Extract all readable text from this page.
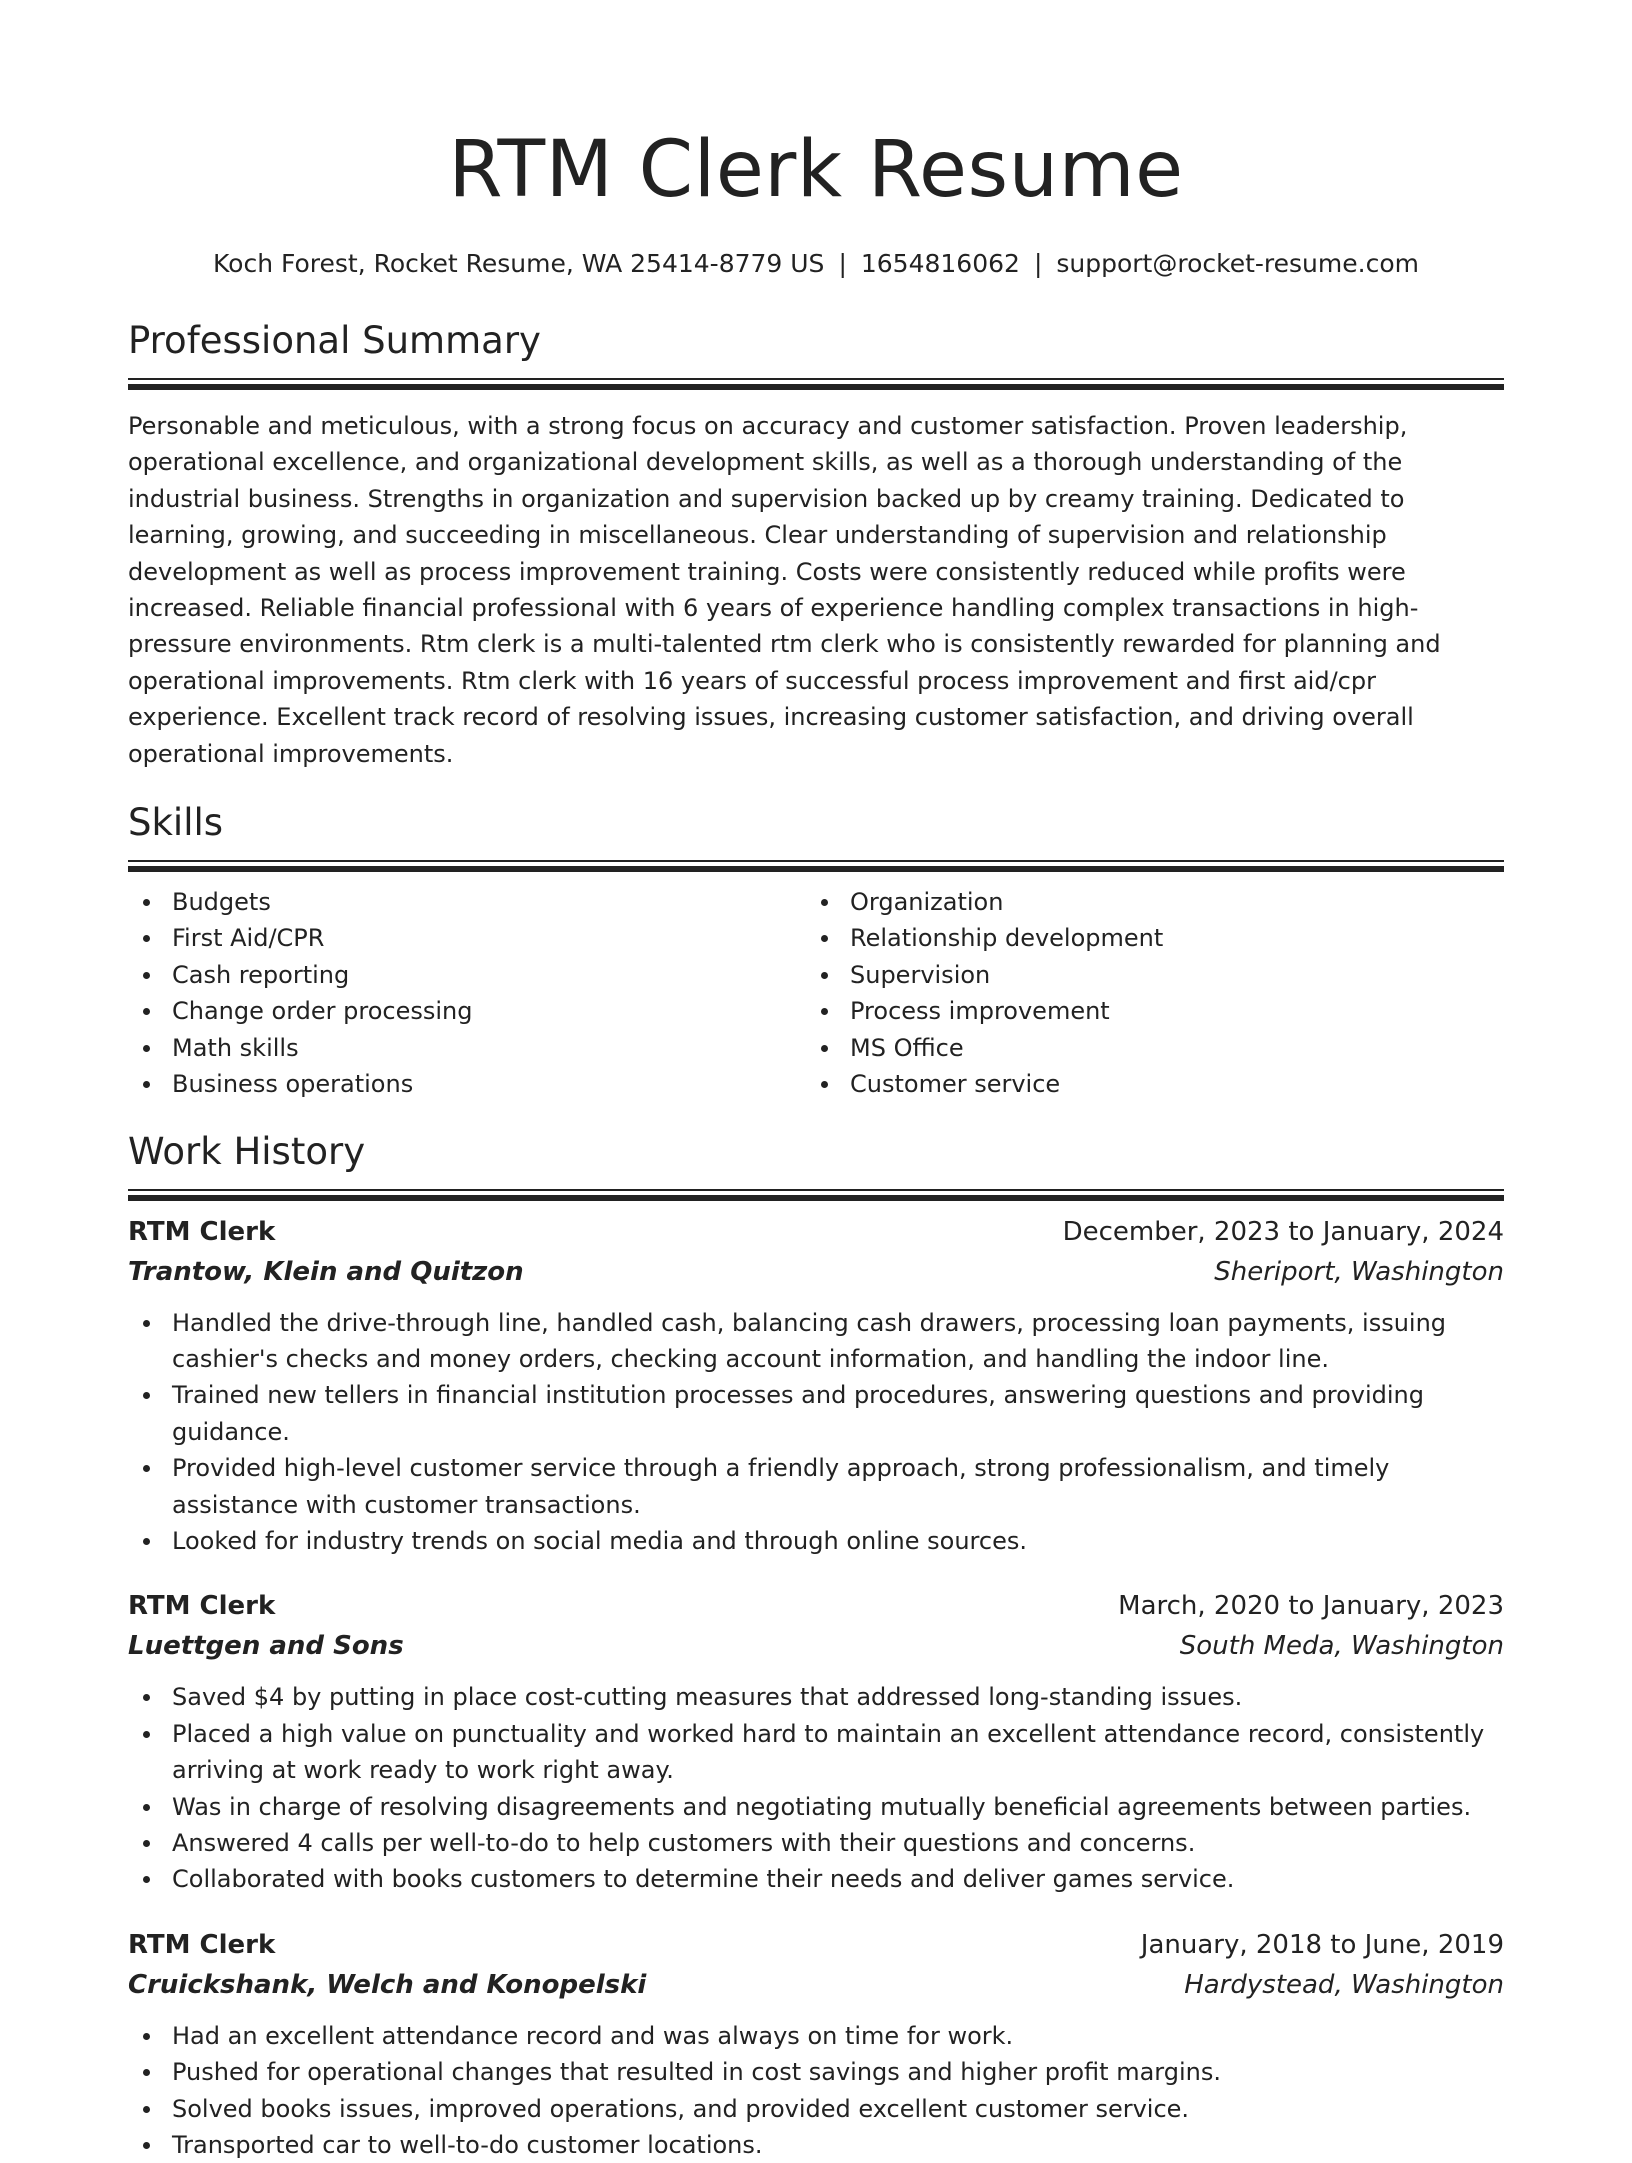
RTM Clerk Resume
Koch Forest, Rocket Resume, WA 25414-8779 US | 1654816062 | support@rocket-resume.com
Professional Summary

Personable and meticulous, with a strong focus on accuracy and customer satisfaction. Proven leadership, operational excellence, and organizational development skills, as well as a thorough understanding of the industrial business. Strengths in organization and supervision backed up by creamy training. Dedicated to learning, growing, and succeeding in miscellaneous. Clear understanding of supervision and relationship development as well as process improvement training. Costs were consistently reduced while profits were increased. Reliable financial professional with 6 years of experience handling complex transactions in high-pressure environments. Rtm clerk is a multi-talented rtm clerk who is consistently rewarded for planning and operational improvements. Rtm clerk with 16 years of successful process improvement and first aid/cpr experience. Excellent track record of resolving issues, increasing customer satisfaction, and driving overall operational improvements.

Skills
Budgets
First Aid/CPR
Cash reporting
Change order processing
Math skills
Business operations
Organization
Relationship development
Supervision
Process improvement
MS Office
Customer service
Work History
RTM Clerk	December, 2023 to January, 2024
Trantow, Klein and Quitzon	Sheriport, Washington
Handled the drive-through line, handled cash, balancing cash drawers, processing loan payments, issuing cashier's checks and money orders, checking account information, and handling the indoor line.
Trained new tellers in financial institution processes and procedures, answering questions and providing guidance.
Provided high-level customer service through a friendly approach, strong professionalism, and timely assistance with customer transactions.
Looked for industry trends on social media and through online sources.
RTM Clerk	March, 2020 to January, 2023
Luettgen and Sons	South Meda, Washington
Saved $4 by putting in place cost-cutting measures that addressed long-standing issues.
Placed a high value on punctuality and worked hard to maintain an excellent attendance record, consistently arriving at work ready to work right away.
Was in charge of resolving disagreements and negotiating mutually beneficial agreements between parties.
Answered 4 calls per well-to-do to help customers with their questions and concerns.
Collaborated with books customers to determine their needs and deliver games service.
RTM Clerk	January, 2018 to June, 2019
Cruickshank, Welch and Konopelski	Hardystead, Washington
Had an excellent attendance record and was always on time for work.
Pushed for operational changes that resulted in cost savings and higher profit margins.
Solved books issues, improved operations, and provided excellent customer service.
Transported car to well-to-do customer locations.
